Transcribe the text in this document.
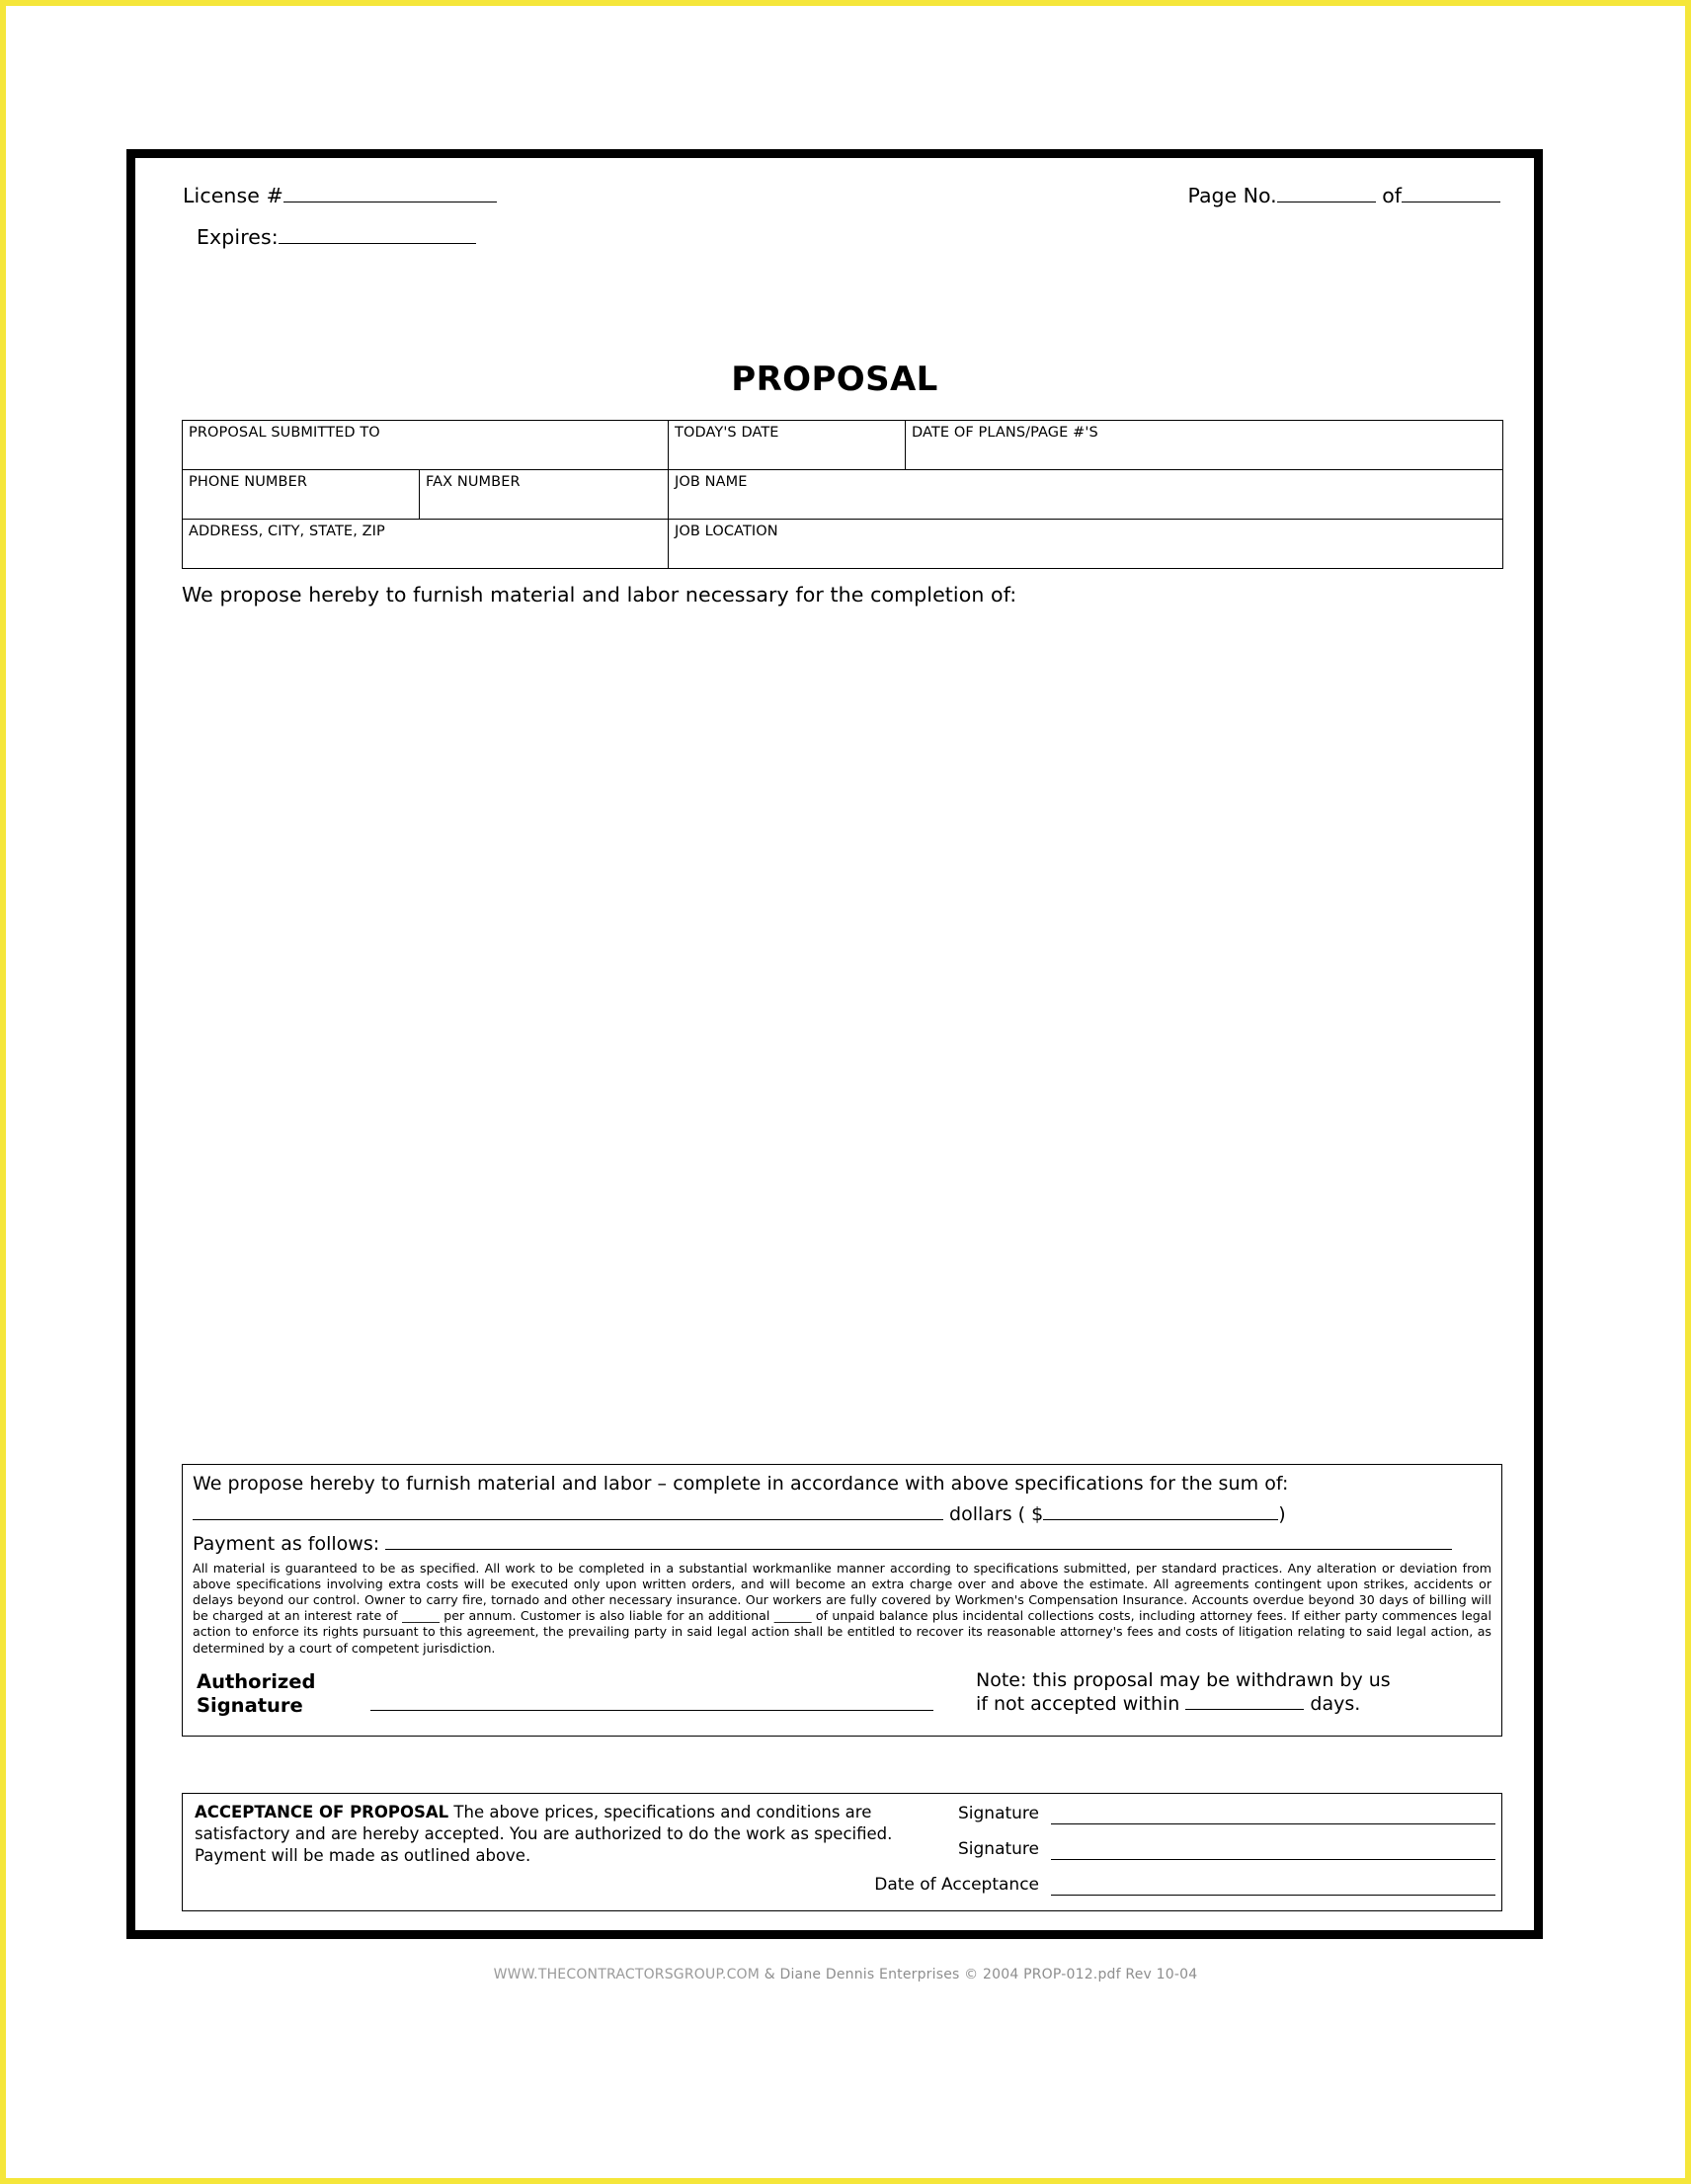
License #
Expires:
Page No.	of
PROPOSAL
PROPOSAL SUBMITTED TO		TODAY'S DATE	DATE OF PLANS/PAGE #'S
PHONE NUMBER	FAX NUMBER	JOB NAME	
ADDRESS, CITY, STATE, ZIP		JOB LOCATION	
We propose hereby to furnish material and labor necessary for the completion of:
We propose hereby to furnish material and labor – complete in accordance with above specifications for the sum of:
dollars ( $	)
Payment as follows:
All material is guaranteed to be as specified. All work to be completed in a substantial workmanlike manner according to specifications submitted, per standard practices. Any alteration or deviation from above specifications involving extra costs will be executed only upon written orders, and will become an extra charge over and above the estimate. All agreements contingent upon strikes, accidents or delays beyond our control. Owner to carry fire, tornado and other necessary insurance. Our workers are fully covered by Workmen's Compensation Insurance. Accounts overdue beyond 30 days of billing will be charged at an interest rate of ______ per annum. Customer is also liable for an additional ______ of unpaid balance plus incidental collections costs, including attorney fees. If either party commences legal action to enforce its rights pursuant to this agreement, the prevailing party in said legal action shall be entitled to recover its reasonable attorney's fees and costs of litigation relating to said legal action, as determined by a court of competent jurisdiction.
Authorized
Signature
Note: this proposal may be withdrawn by us
if not accepted within	days.
ACCEPTANCE OF PROPOSAL The above prices, specifications and conditions are satisfactory and are hereby accepted. You are authorized to do the work as specified. Payment will be made as outlined above.
Signature
Signature
Date of Acceptance
WWW.THECONTRACTORSGROUP.COM & Diane Dennis Enterprises © 2004 PROP-012.pdf Rev 10-04
